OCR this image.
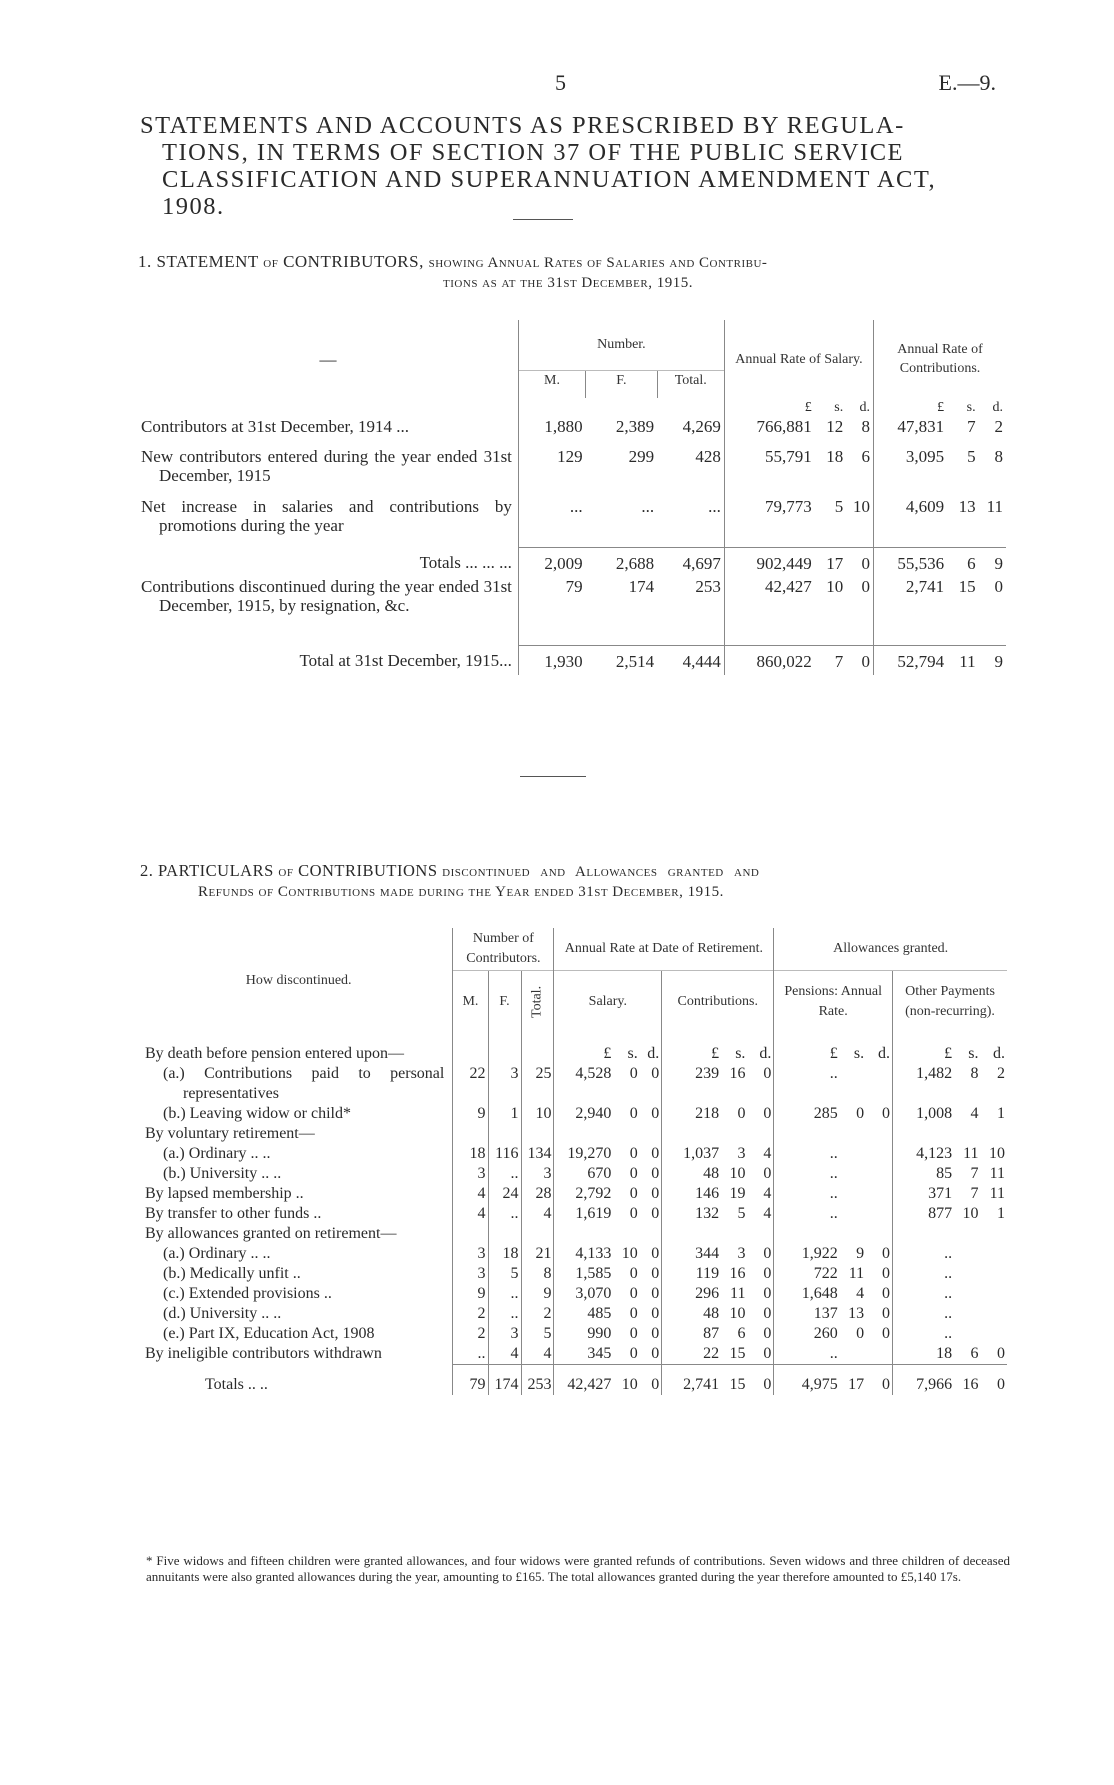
5	E.—9.
STATEMENTS AND ACCOUNTS AS PRESCRIBED BY REGULA-
TIONS, IN TERMS OF SECTION 37 OF THE PUBLIC SERVICE
CLASSIFICATION AND SUPERANNUATION AMENDMENT ACT,
1908.
1. STATEMENT of CONTRIBUTORS, showing Annual Rates of Salaries and Contribu-
tions as at the 31st December, 1915.
—	Number.			Annual Rate of Salary.			Annual Rate of Contributions.		
	M.	F.	Total.						
				£	s.	d.	£	s.	d.
Contributors at 31st December, 1914 ...	1,880	2,389	4,269	766,881	12	8	47,831	7	2
New contributors entered during the year ended 31st December, 1915	129	299	428	55,791	18	6	3,095	5	8
Net increase in salaries and contributions by promotions during the year	...	...	...	79,773	5	10	4,609	13	11
Totals ... ... ...	2,009	2,688	4,697	902,449	17	0	55,536	6	9
Contributions discontinued during the year ended 31st December, 1915, by resignation, &c.	79	174	253	42,427	10	0	2,741	15	0
Total at 31st December, 1915...	1,930	2,514	4,444	860,022	7	0	52,794	11	9
2. PARTICULARS of CONTRIBUTIONS discontinued and Allowances granted and
Refunds of Contributions made during the Year ended 31st December, 1915.
How discontinued.	Number of Contributors.			Annual Rate at Date of Retirement.						Allowances granted.					
	M.	F.	Total.	Salary.			Contributions.			Pensions: Annual Rate.			Other Payments (non-recurring).		
By death before pension entered upon—				£	s.	d.	£	s.	d.	£	s.	d.	£	s.	d.
(a.) Contributions paid to personal representatives	22	3	25	4,528	0	0	239	16	0	..			1,482	8	2
(b.) Leaving widow or child*	9	1	10	2,940	0	0	218	0	0	285	0	0	1,008	4	1
By voluntary retirement—															
(a.) Ordinary .. ..	18	116	134	19,270	0	0	1,037	3	4	..			4,123	11	10
(b.) University .. ..	3	..	3	670	0	0	48	10	0	..			85	7	11
By lapsed membership ..	4	24	28	2,792	0	0	146	19	4	..			371	7	11
By transfer to other funds ..	4	..	4	1,619	0	0	132	5	4	..			877	10	1
By allowances granted on retirement—															
(a.) Ordinary .. ..	3	18	21	4,133	10	0	344	3	0	1,922	9	0	..		
(b.) Medically unfit ..	3	5	8	1,585	0	0	119	16	0	722	11	0	..		
(c.) Extended provisions ..	9	..	9	3,070	0	0	296	11	0	1,648	4	0	..		
(d.) University .. ..	2	..	2	485	0	0	48	10	0	137	13	0	..		
(e.) Part IX, Education Act, 1908	2	3	5	990	0	0	87	6	0	260	0	0	..		
By ineligible contributors withdrawn	..	4	4	345	0	0	22	15	0	..			18	6	0
Totals .. ..	79	174	253	42,427	10	0	2,741	15	0	4,975	17	0	7,966	16	0
* Five widows and fifteen children were granted allowances, and four widows were granted refunds of contributions. Seven widows and three children of deceased annuitants were also granted allowances during the year, amounting to £165. The total allowances granted during the year therefore amounted to £5,140 17s.
